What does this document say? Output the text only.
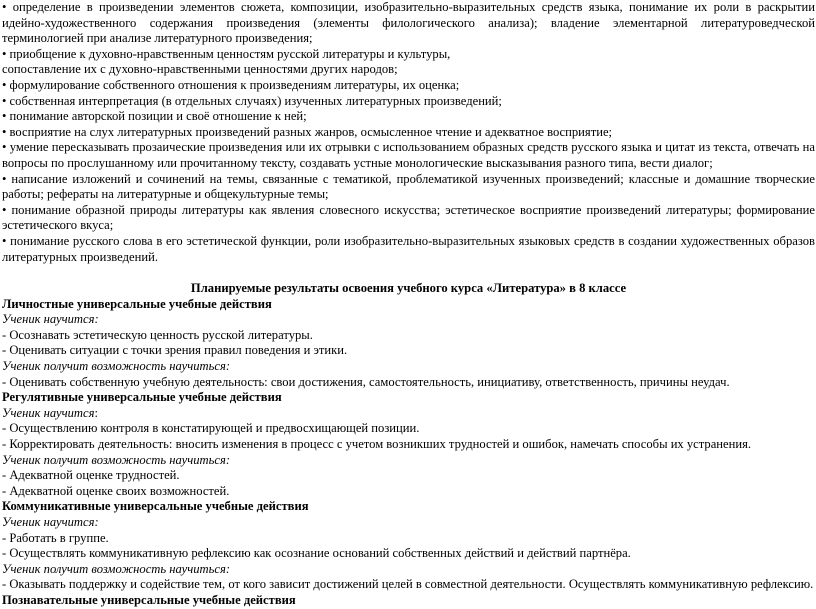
• определение в произведении элементов сюжета, композиции, изобразительно-выразительных средств языка, понимание их роли в раскрытии идейно-художественного содержания произведения (элементы филологического анализа); владение элементарной литературоведческой терминологией при анализе литературного произведения;

• приобщение к духовно-нравственным ценностям русской литературы и культуры,

сопоставление их с духовно-нравственными ценностями других народов;

• формулирование собственного отношения к произведениям литературы, их оценка;

• собственная интерпретация (в отдельных случаях) изученных литературных произведений;

• понимание авторской позиции и своё отношение к ней;

• восприятие на слух литературных произведений разных жанров, осмысленное чтение и адекватное восприятие;

• умение пересказывать прозаические произведения или их отрывки с использованием образных средств русского языка и цитат из текста, отвечать на вопросы по прослушанному или прочитанному тексту, создавать устные монологические высказывания разного типа, вести диалог;

• написание изложений и сочинений на темы, связанные с тематикой, проблематикой изученных произведений; классные и домашние творческие работы; рефераты на литературные и общекультурные темы;

• понимание образной природы литературы как явления словесного искусства; эстетическое восприятие произведений литературы; формирование эстетического вкуса;

• понимание русского слова в его эстетической функции, роли изобразительно-выразительных языковых средств в создании художественных образов литературных произведений.

Планируемые результаты освоения учебного курса «Литература» в 8 классе

Личностные универсальные учебные действия

Ученик научится:

- Осознавать эстетическую ценность русской литературы.

- Оценивать ситуации с точки зрения правил поведения и этики.

Ученик получит возможность научиться:

- Оценивать собственную учебную деятельность: свои достижения, самостоятельность, инициативу, ответственность, причины неудач.

Регулятивные универсальные учебные действия

Ученик научится:

- Осуществлению контроля в констатирующей и предвосхищающей позиции.

- Корректировать деятельность: вносить изменения в процесс с учетом возникших трудностей и ошибок, намечать способы их устранения.

Ученик получит возможность научиться:

- Адекватной оценке трудностей.

- Адекватной оценке своих возможностей.

Коммуникативные универсальные учебные действия

Ученик научится:

- Работать в группе.

- Осуществлять коммуникативную рефлексию как осознание оснований собственных действий и действий партнёра.

Ученик получит возможность научиться:

- Оказывать поддержку и содействие тем, от кого зависит достижений целей в совместной деятельности. Осуществлять коммуникативную рефлексию.

Познавательные универсальные учебные действия
